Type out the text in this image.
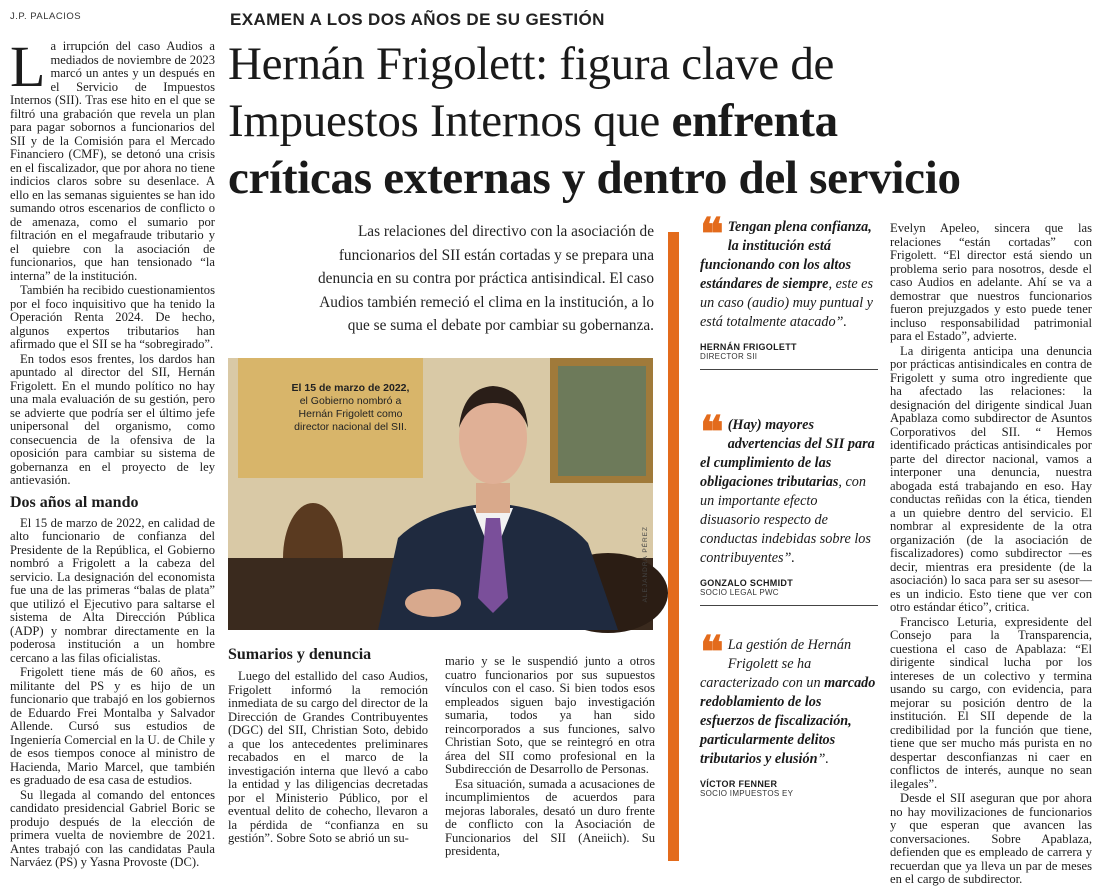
J.P. PALACIOS	EXAMEN A LOS DOS AÑOS DE SU GESTIÓN
Hernán Frigolett: figura clave de
Impuestos Internos que enfrenta
críticas externas y dentro del servicio

La irrupción del caso Audios a mediados de noviembre de 2023 marcó un antes y un después en el Servicio de Impuestos Internos (SII). Tras ese hito en el que se filtró una grabación que revela un plan para pagar sobornos a funcionarios del SII y de la Comisión para el Mercado Financiero (CMF), se detonó una crisis en el fiscalizador, que por ahora no tiene indicios claros sobre su desenlace. A ello en las semanas siguientes se han ido sumando otros escenarios de conflicto o de amenaza, como el sumario por filtración en el megafraude tributario y el quiebre con la asociación de funcionarios, que han tensionado “la interna” de la institución.

También ha recibido cuestionamientos por el foco inquisitivo que ha tenido la Operación Renta 2024. De hecho, algunos expertos tributarios han afirmado que el SII se ha “sobregirado”.

En todos esos frentes, los dardos han apuntado al director del SII, Hernán Frigolett. En el mundo político no hay una mala evaluación de su gestión, pero se advierte que podría ser el último jefe unipersonal del organismo, como consecuencia de la ofensiva de la oposición para cambiar su sistema de gobernanza en el proyecto de ley antievasión.

Dos años al mando

El 15 de marzo de 2022, en calidad de alto funcionario de confianza del Presidente de la República, el Gobierno nombró a Frigolett a la cabeza del servicio. La designación del economista fue una de las primeras “balas de plata” que utilizó el Ejecutivo para saltarse el sistema de Alta Dirección Pública (ADP) y nombrar directamente en la poderosa institución a un hombre cercano a las filas oficialistas.

Frigolett tiene más de 60 años, es militante del PS y es hijo de un funcionario que trabajó en los gobiernos de Eduardo Frei Montalba y Salvador Allende. Cursó sus estudios de Ingeniería Comercial en la U. de Chile y de esos tiempos conoce al ministro de Hacienda, Mario Marcel, que también es graduado de esa casa de estudios.

Su llegada al comando del entonces candidato presidencial Gabriel Boric se produjo después de la elección de primera vuelta de noviembre de 2021. Antes trabajó con las candidatas Paula Narváez (PS) y Yasna Provoste (DC).

Las relaciones del directivo con la asociación de funcionarios del SII están cortadas y se prepara una denuncia en su contra por práctica antisindical. El caso Audios también remeció el clima en la institución, a lo que se suma el debate por cambiar su gobernanza.
El 15 de marzo de 2022, el Gobierno nombró a Hernán Frigolett como director nacional del SII.
ALEJANDRA PÉREZ
Sumarios y denuncia

Luego del estallido del caso Audios, Frigolett informó la remoción inmediata de su cargo del director de la Dirección de Grandes Contribuyentes (DGC) del SII, Christian Soto, debido a que los antecedentes preliminares recabados en el marco de la investigación interna que llevó a cabo la entidad y las diligencias decretadas por el Ministerio Público, por el eventual delito de cohecho, llevaron a la pérdida de “confianza en su gestión”. Sobre Soto se abrió un su-

mario y se le suspendió junto a otros cuatro funcionarios por sus supuestos vínculos con el caso. Si bien todos esos empleados siguen bajo investigación sumaria, todos ya han sido reincorporados a sus funciones, salvo Christian Soto, que se reintegró en otra área del SII como profesional en la Subdirección de Desarrollo de Personas.

Esa situación, sumada a acusaciones de incumplimientos de acuerdos para mejoras laborales, desató un duro frente de conflicto con la Asociación de Funcionarios del SII (Aneiich). Su presidenta,

❝ Tengan plena confianza, la institución está funcionando con los altos estándares de siempre, este es un caso (audio) muy puntual y está totalmente atacado”.
HERNÁN FRIGOLETT
DIRECTOR SII
❝ (Hay) mayores advertencias del SII para el cumplimiento de las obligaciones tributarias, con un importante efecto disuasorio respecto de conductas indebidas sobre los contribuyentes”.
GONZALO SCHMIDT
SOCIO LEGAL PWC
❝ La gestión de Hernán Frigolett se ha caracterizado con un marcado redoblamiento de los esfuerzos de fiscalización, particularmente delitos tributarios y elusión”.
VÍCTOR FENNER
SOCIO IMPUESTOS EY

Evelyn Apeleo, sincera que las relaciones “están cortadas” con Frigolett. “El director está siendo un problema serio para nosotros, desde el caso Audios en adelante. Ahí se va a demostrar que nuestros funcionarios fueron prejuzgados y esto puede tener incluso responsabilidad patrimonial para el Estado”, advierte.

La dirigenta anticipa una denuncia por prácticas antisindicales en contra de Frigolett y suma otro ingrediente que ha afectado las relaciones: la designación del dirigente sindical Juan Apablaza como subdirector de Asuntos Corporativos del SII. “ Hemos identificado prácticas antisindicales por parte del director nacional, vamos a interponer una denuncia, nuestra abogada está trabajando en eso. Hay conductas reñidas con la ética, tienden a un quiebre dentro del servicio. El nombrar al expresidente de la otra organización (de la asociación de fiscalizadores) como subdirector —es decir, mientras era presidente (de la asociación) lo saca para ser su asesor— es un indicio. Esto tiene que ver con otro estándar ético”, critica.

Francisco Leturia, expresidente del Consejo para la Transparencia, cuestiona el caso de Apablaza: “El dirigente sindical lucha por los intereses de un colectivo y termina usando su cargo, con evidencia, para mejorar su posición dentro de la institución. El SII depende de la credibilidad por la función que tiene, tiene que ser mucho más purista en no despertar desconfianzas ni caer en conflictos de interés, aunque no sean ilegales”.

Desde el SII aseguran que por ahora no hay movilizaciones de funcionarios y que esperan que avancen las conversaciones. Sobre Apablaza, defienden que es empleado de carrera y recuerdan que ya lleva un par de meses en el cargo de subdirector.
